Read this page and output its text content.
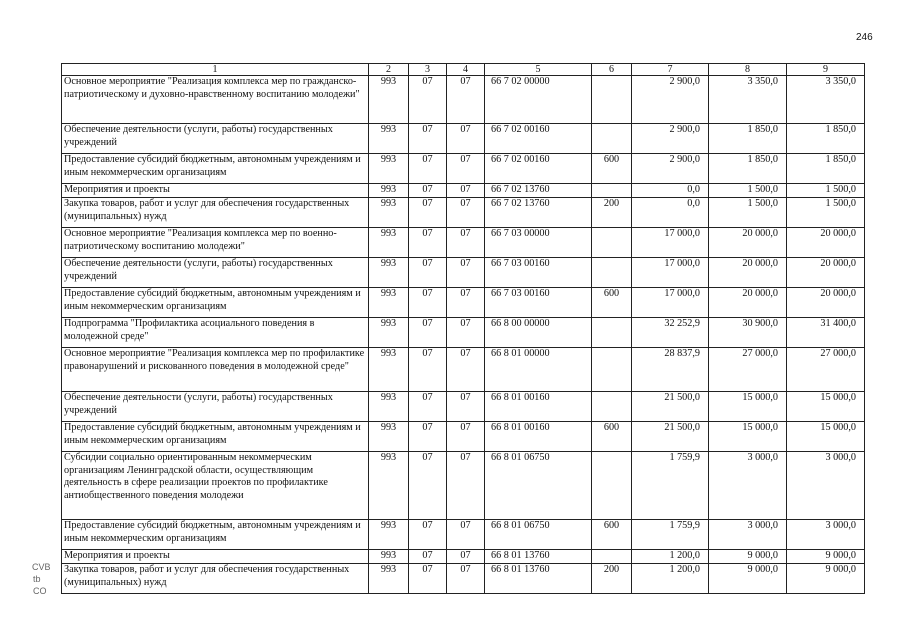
246
CVB
tb
CO
1	2	3	4	5	6	7	8	9
Основное мероприятие "Реализация комплекса мер по гражданско-патриотическому и духовно-нравственному воспитанию молодежи"	993	07	07	66 7 02 00000		2 900,0	3 350,0	3 350,0
Обеспечение деятельности (услуги, работы) государственных учреждений	993	07	07	66 7 02 00160		2 900,0	1 850,0	1 850,0
Предоставление субсидий бюджетным, автономным учреждениям и иным некоммерческим организациям	993	07	07	66 7 02 00160	600	2 900,0	1 850,0	1 850,0
Мероприятия и проекты	993	07	07	66 7 02 13760		0,0	1 500,0	1 500,0
Закупка товаров, работ и услуг для обеспечения государственных (муниципальных) нужд	993	07	07	66 7 02 13760	200	0,0	1 500,0	1 500,0
Основное мероприятие "Реализация комплекса мер по военно-патриотическому воспитанию молодежи"	993	07	07	66 7 03 00000		17 000,0	20 000,0	20 000,0
Обеспечение деятельности (услуги, работы) государственных учреждений	993	07	07	66 7 03 00160		17 000,0	20 000,0	20 000,0
Предоставление субсидий бюджетным, автономным учреждениям и иным некоммерческим организациям	993	07	07	66 7 03 00160	600	17 000,0	20 000,0	20 000,0
Подпрограмма "Профилактика асоциального поведения в молодежной среде"	993	07	07	66 8 00 00000		32 252,9	30 900,0	31 400,0
Основное мероприятие "Реализация комплекса мер по профилактике правонарушений и рискованного поведения в молодежной среде"	993	07	07	66 8 01 00000		28 837,9	27 000,0	27 000,0
Обеспечение деятельности (услуги, работы) государственных учреждений	993	07	07	66 8 01 00160		21 500,0	15 000,0	15 000,0
Предоставление субсидий бюджетным, автономным учреждениям и иным некоммерческим организациям	993	07	07	66 8 01 00160	600	21 500,0	15 000,0	15 000,0
Субсидии социально ориентированным некоммерческим организациям Ленинградской области, осуществляющим деятельность в сфере реализации проектов по профилактике антиобщественного поведения молодежи	993	07	07	66 8 01 06750		1 759,9	3 000,0	3 000,0
Предоставление субсидий бюджетным, автономным учреждениям и иным некоммерческим организациям	993	07	07	66 8 01 06750	600	1 759,9	3 000,0	3 000,0
Мероприятия и проекты	993	07	07	66 8 01 13760		1 200,0	9 000,0	9 000,0
Закупка товаров, работ и услуг для обеспечения государственных (муниципальных) нужд	993	07	07	66 8 01 13760	200	1 200,0	9 000,0	9 000,0
